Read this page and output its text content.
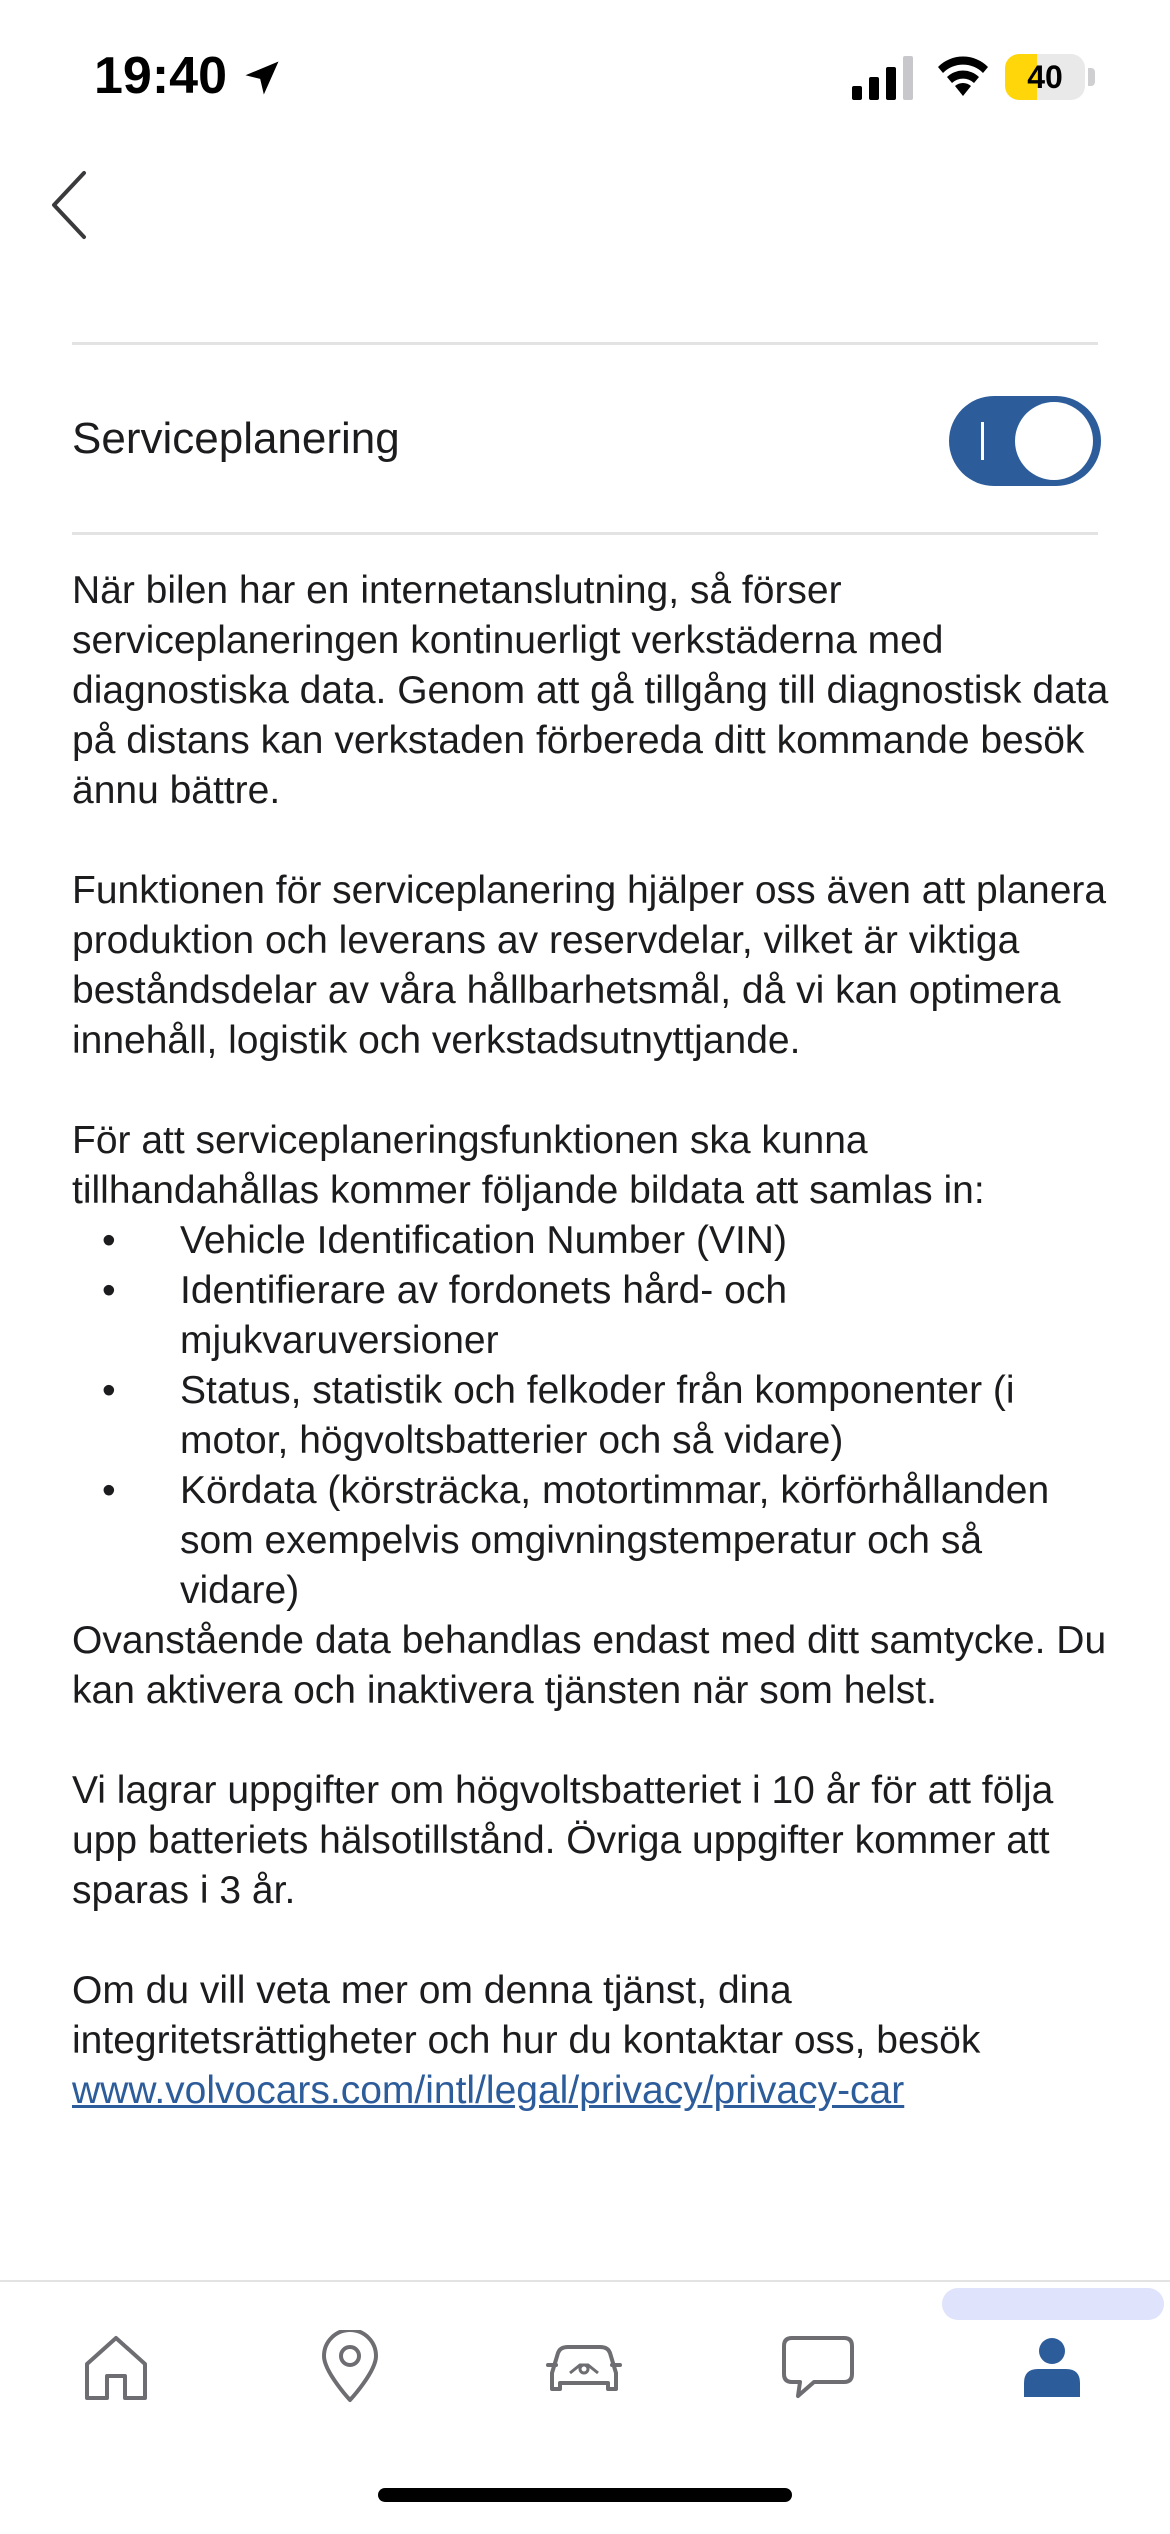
19:40	40
Serviceplanering

När bilen har en internetanslutning, så förser serviceplaneringen kontinuerligt verkstäderna med diagnostiska data. Genom att gå tillgång till diagnostisk data på distans kan verkstaden förbereda ditt kommande besök ännu bättre.

Funktionen för serviceplanering hjälper oss även att planera produktion och leverans av reservdelar, vilket är viktiga beståndsdelar av våra hållbarhetsmål, då vi kan optimera innehåll, logistik och verkstadsutnyttjande.

För att serviceplaneringsfunktionen ska kunna tillhandahållas kommer följande bildata att samlas in:

• Vehicle Identification Number (VIN)
• Identifierare av fordonets hård- och mjukvaruversioner
• Status, statistik och felkoder från komponenter (i motor, högvoltsbatterier och så vidare)
• Kördata (körsträcka, motortimmar, körförhållanden som exempelvis omgivningstemperatur och så vidare)

Ovanstående data behandlas endast med ditt samtycke. Du kan aktivera och inaktivera tjänsten när som helst.

Vi lagrar uppgifter om högvoltsbatteriet i 10 år för att följa upp batteriets hälsotillstånd. Övriga uppgifter kommer att sparas i 3 år.

Om du vill veta mer om denna tjänst, dina integritetsrättigheter och hur du kontaktar oss, besök
www.volvocars.com/intl/legal/privacy/privacy-car
